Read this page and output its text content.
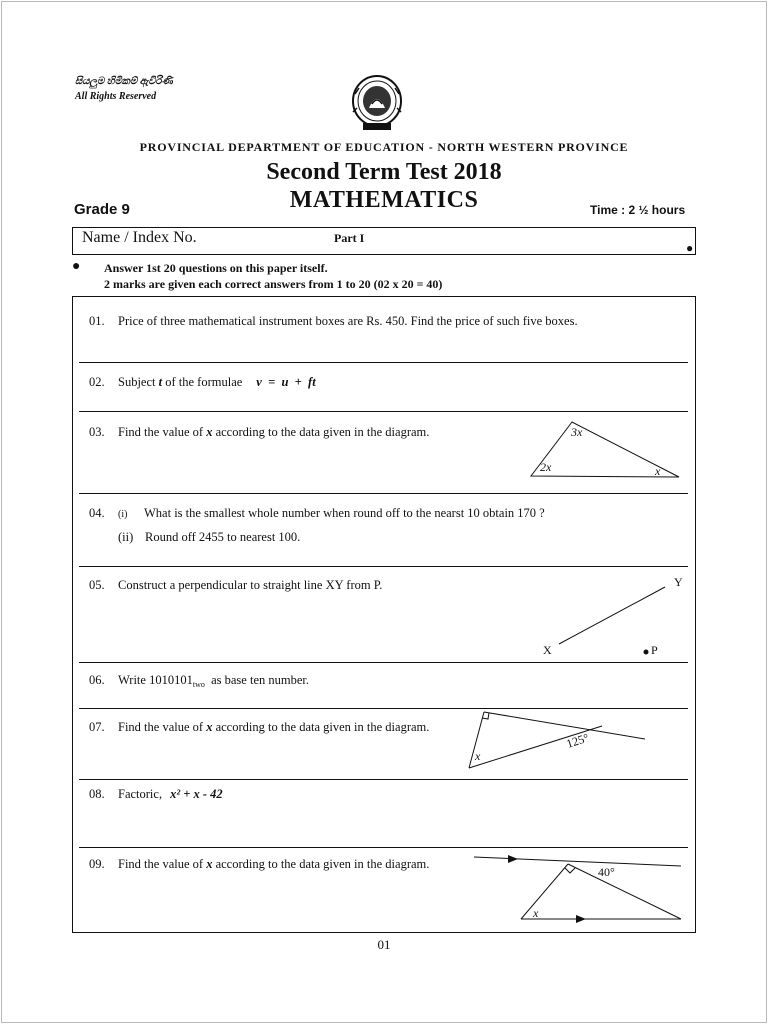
සියලුම හිමිකම් ඇවිරිණි
All Rights Reserved
PROVINCIAL DEPARTMENT OF EDUCATION - NORTH WESTERN PROVINCE
Second Term Test 2018
MATHEMATICS
Grade 9	Time : 2 ½ hours
Name / Index No.	Part I
●
● Answer 1st 20 questions on this paper itself.
2 marks are given each correct answers from 1 to 20 (02 x 20 = 40)
01. Price of three mathematical instrument boxes are Rs. 450. Find the price of such five boxes.
02. Subject t of the formulae v  =  u  +  ft
03. Find the value of x according to the data given in the diagram.	3x
2x	x
04. (i) What is the smallest whole number when round off to the nearst 10 obtain 170 ?
(ii) Round off 2455 to nearest 100.
05. Construct a perpendicular to straight line XY from P.	Y
X	P
06. Write $1010101_{two}$  as base ten number.
07. Find the value of x according to the data given in the diagram.
x
125°
08. Factoric, x² + x - 42
09. Find the value of x according to the data given in the diagram.
40°
x
01
